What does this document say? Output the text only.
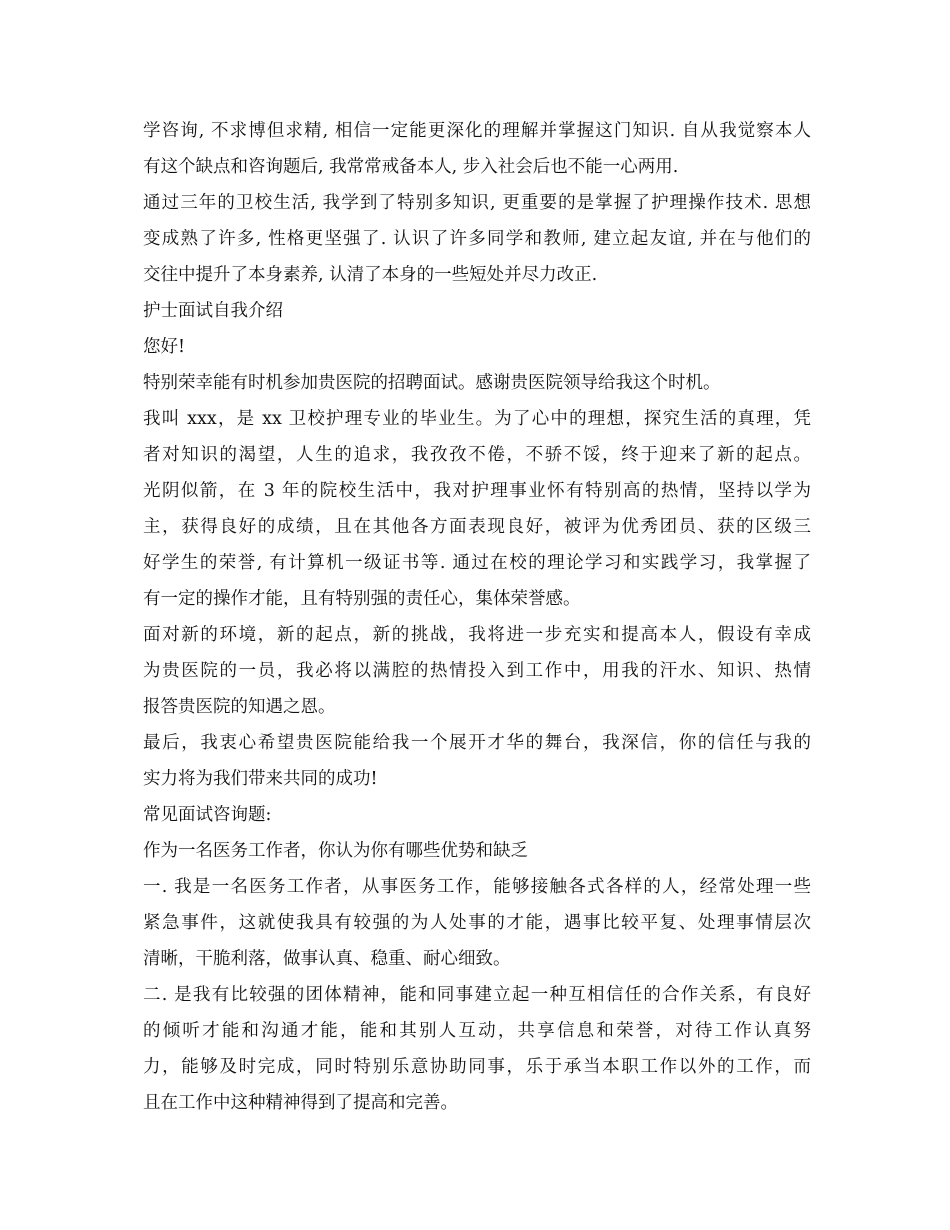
学咨询, 不求博但求精, 相信一定能更深化的理解并掌握这门知识. 自从我觉察本人
有这个缺点和咨询题后, 我常常戒备本人, 步入社会后也不能一心两用.
通过三年的卫校生活, 我学到了特别多知识, 更重要的是掌握了护理操作技术. 思想
变成熟了许多, 性格更坚强了. 认识了许多同学和教师, 建立起友谊, 并在与他们的
交往中提升了本身素养, 认清了本身的一些短处并尽力改正.
护士面试自我介绍
您好!
特别荣幸能有时机参加贵医院的招聘面试。感谢贵医院领导给我这个时机。
我叫 xxx，是 xx 卫校护理专业的毕业生。为了心中的理想，探究生活的真理，凭
者对知识的渴望，人生的追求，我孜孜不倦，不骄不馁，终于迎来了新的起点。
光阴似箭，在 3 年的院校生活中，我对护理事业怀有特别高的热情，坚持以学为
主，获得良好的成绩，且在其他各方面表现良好，被评为优秀团员、获的区级三
好学生的荣誉, 有计算机一级证书等. 通过在校的理论学习和实践学习，我掌握了
有一定的操作才能，且有特别强的责任心，集体荣誉感。
面对新的环境，新的起点，新的挑战，我将进一步充实和提高本人，假设有幸成
为贵医院的一员，我必将以满腔的热情投入到工作中，用我的汗水、知识、热情
报答贵医院的知遇之恩。
最后，我衷心希望贵医院能给我一个展开才华的舞台，我深信，你的信任与我的
实力将为我们带来共同的成功!
常见面试咨询题:
作为一名医务工作者，你认为你有哪些优势和缺乏
一. 我是一名医务工作者，从事医务工作，能够接触各式各样的人，经常处理一些
紧急事件，这就使我具有较强的为人处事的才能，遇事比较平复、处理事情层次
清晰，干脆利落，做事认真、稳重、耐心细致。
二. 是我有比较强的团体精神，能和同事建立起一种互相信任的合作关系，有良好
的倾听才能和沟通才能，能和其别人互动，共享信息和荣誉，对待工作认真努
力，能够及时完成，同时特别乐意协助同事，乐于承当本职工作以外的工作，而
且在工作中这种精神得到了提高和完善。
